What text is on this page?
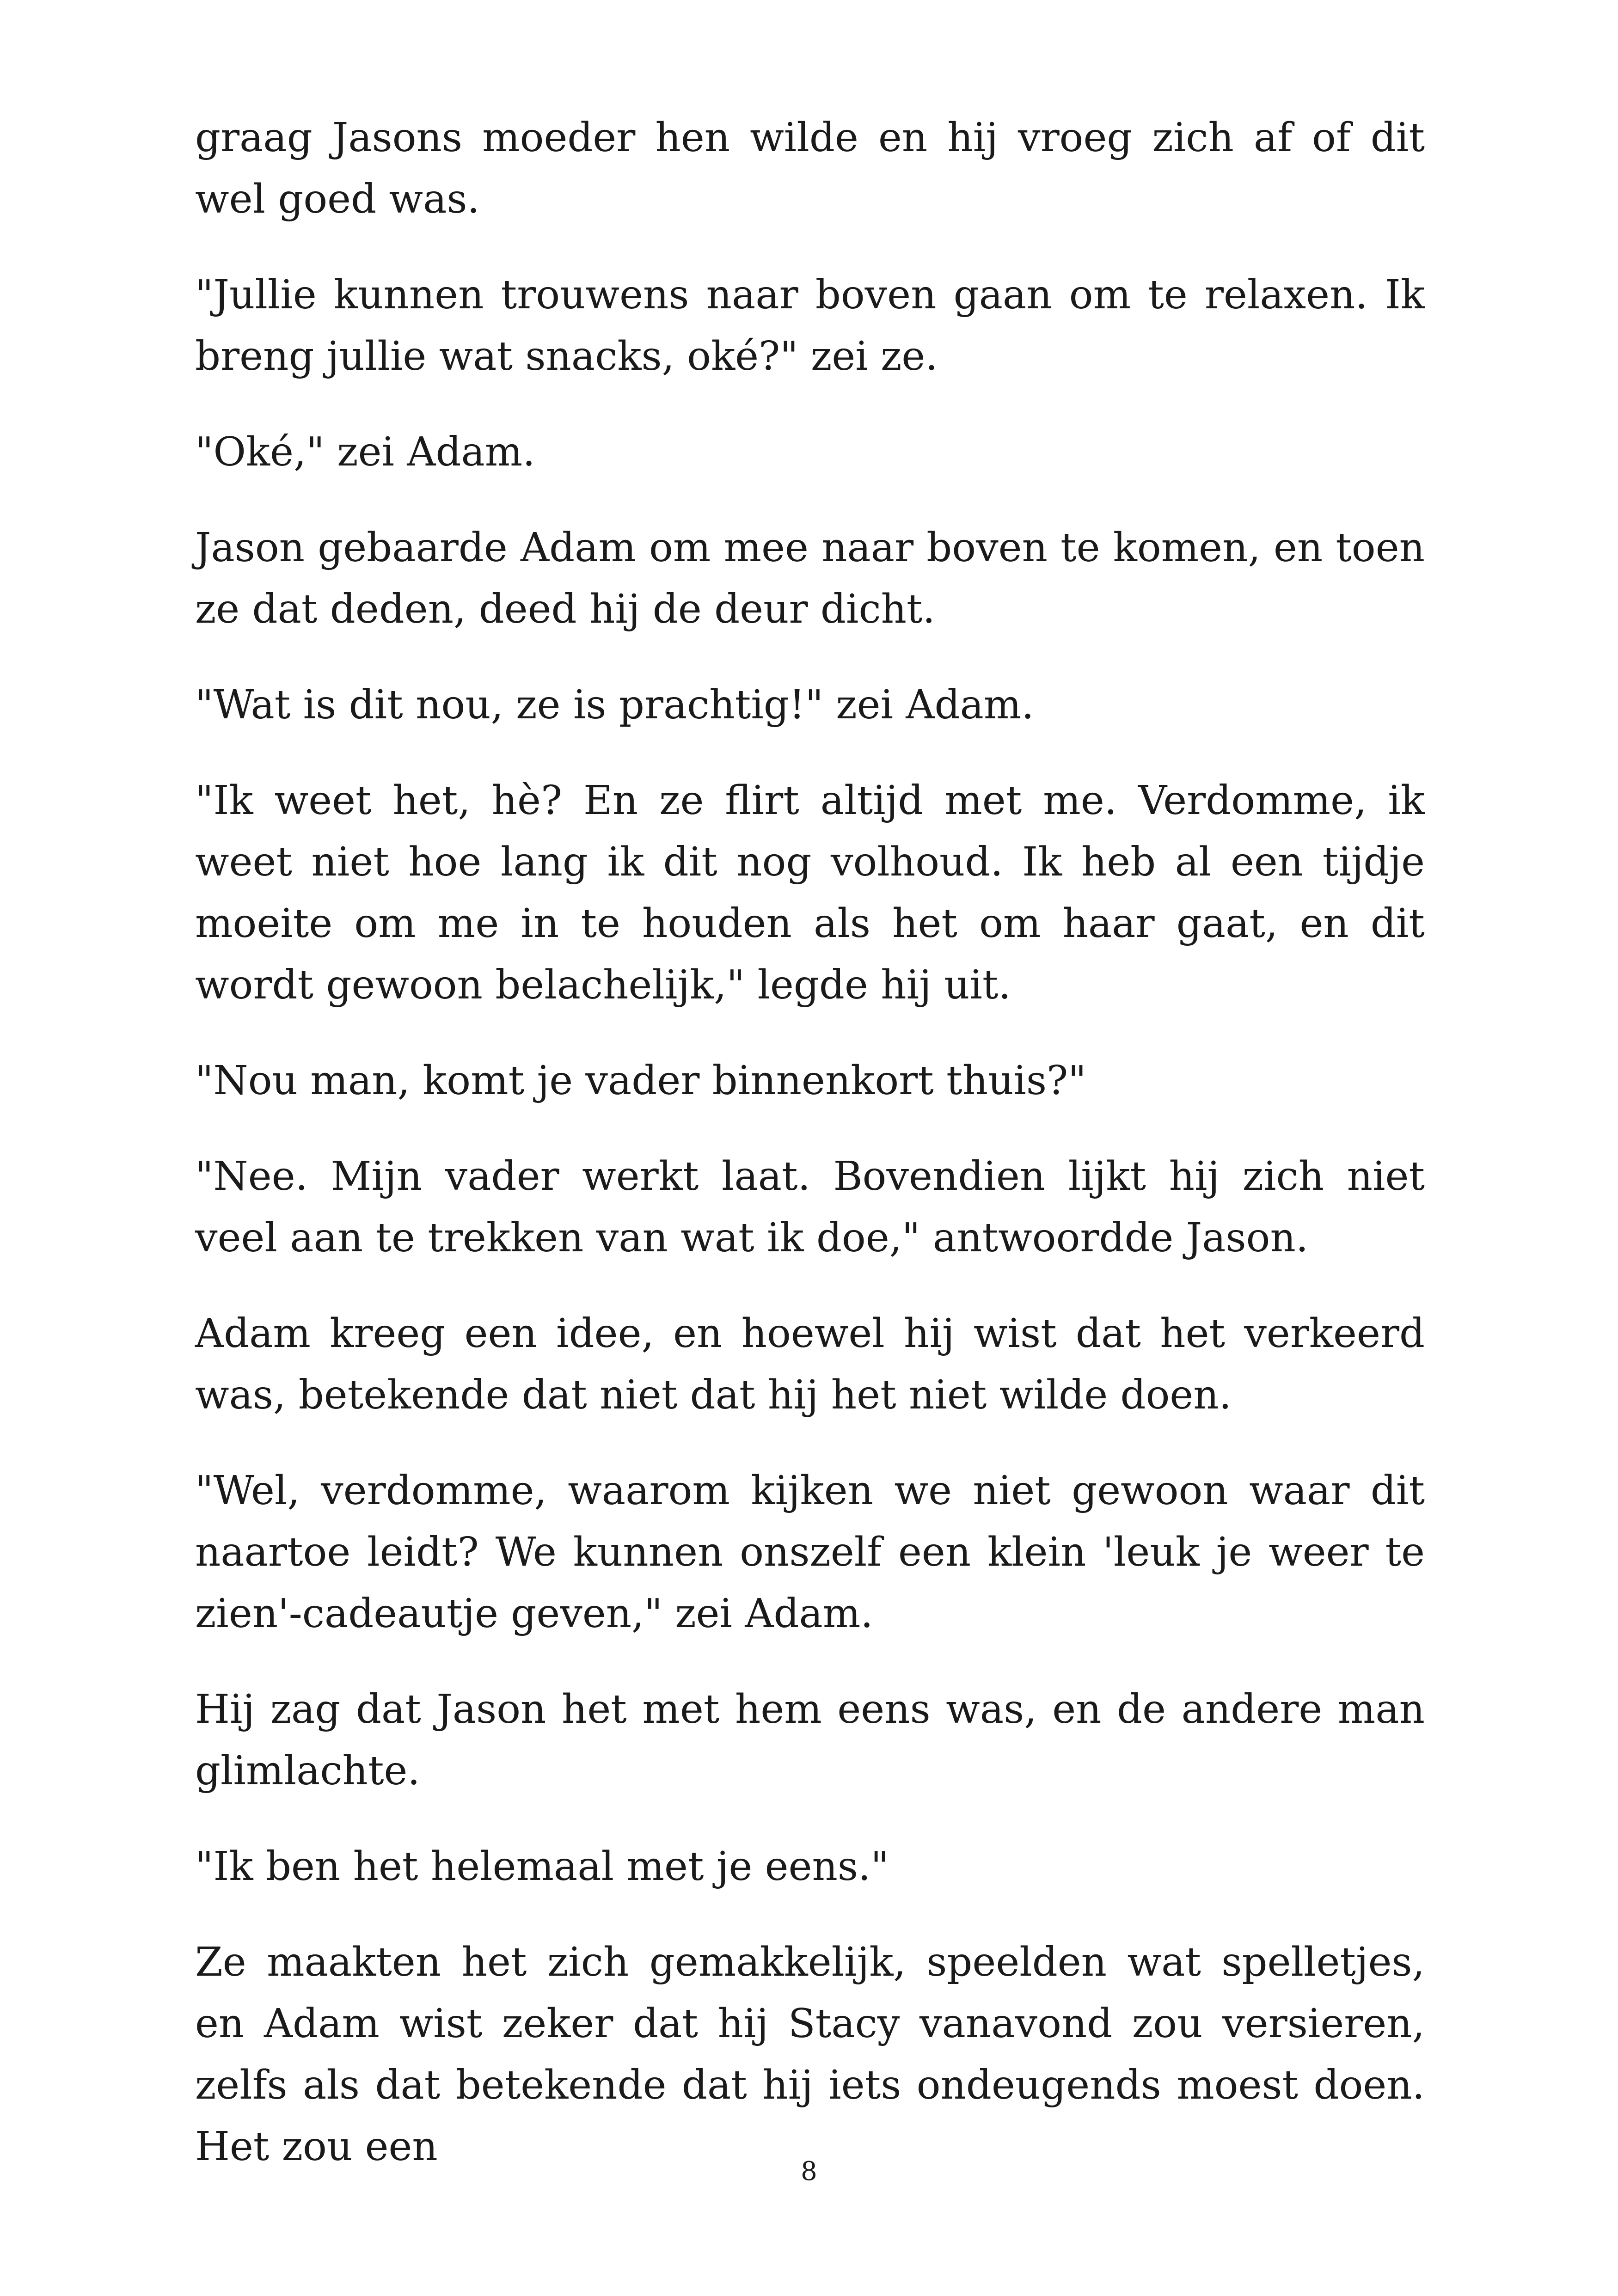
graag Jasons moeder hen wilde en hij vroeg zich af of dit wel goed was.

"Jullie kunnen trouwens naar boven gaan om te relaxen. Ik breng jullie wat snacks, oké?" zei ze.

"Oké," zei Adam.

Jason gebaarde Adam om mee naar boven te komen, en toen ze dat deden, deed hij de deur dicht.

"Wat is dit nou, ze is prachtig!" zei Adam.

"Ik weet het, hè? En ze flirt altijd met me. Verdomme, ik weet niet hoe lang ik dit nog volhoud. Ik heb al een tijdje moeite om me in te houden als het om haar gaat, en dit wordt gewoon belachelijk," legde hij uit.

"Nou man, komt je vader binnenkort thuis?"

"Nee. Mijn vader werkt laat. Bovendien lijkt hij zich niet veel aan te trekken van wat ik doe," antwoordde Jason.

Adam kreeg een idee, en hoewel hij wist dat het verkeerd was, betekende dat niet dat hij het niet wilde doen.

"Wel, verdomme, waarom kijken we niet gewoon waar dit naartoe leidt? We kunnen onszelf een klein 'leuk je weer te zien'-cadeautje geven," zei Adam.

Hij zag dat Jason het met hem eens was, en de andere man glimlachte.

"Ik ben het helemaal met je eens."

Ze maakten het zich gemakkelijk, speelden wat spelletjes, en Adam wist zeker dat hij Stacy vanavond zou versieren, zelfs als dat betekende dat hij iets ondeugends moest doen. Het zou een

8
